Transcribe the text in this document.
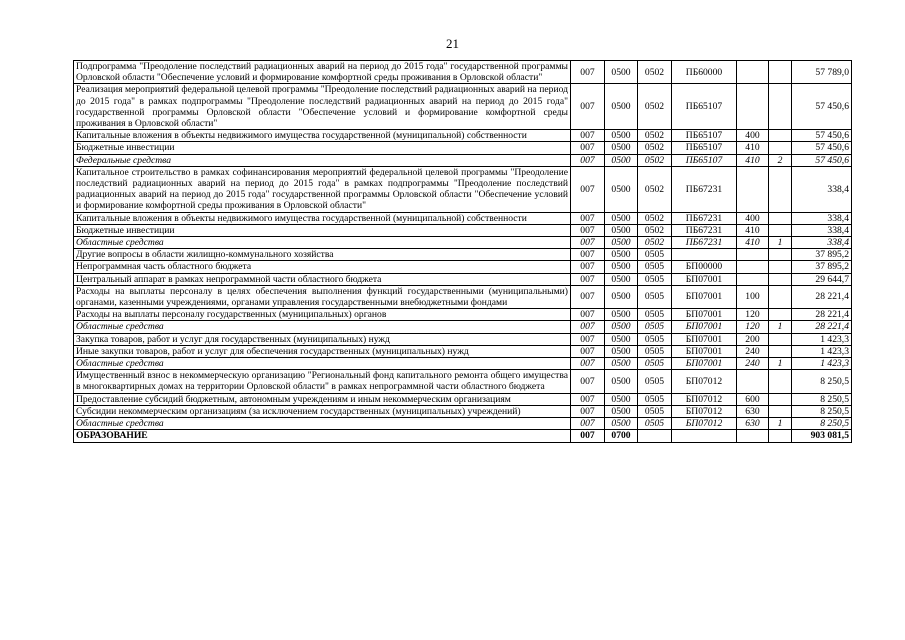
21
Подпрограмма "Преодоление последствий радиационных аварий на период до 2015 года" государственной программы Орловской области "Обеспечение условий и формирование комфортной среды проживания в Орловской области"	007	0500	0502	ПБ60000			57 789,0
Реализация мероприятий федеральной целевой программы "Преодоление последствий радиационных аварий на период до 2015 года" в рамках подпрограммы "Преодоление последствий радиационных аварий на период до 2015 года" государственной программы Орловской области "Обеспечение условий и формирование комфортной среды проживания в Орловской области"	007	0500	0502	ПБ65107			57 450,6
Капитальные вложения в объекты недвижимого имущества государственной (муниципальной) собственности	007	0500	0502	ПБ65107	400		57 450,6
Бюджетные инвестиции	007	0500	0502	ПБ65107	410		57 450,6
Федеральные средства	007	0500	0502	ПБ65107	410	2	57 450,6
Капитальное строительство в рамках софинансирования мероприятий федеральной целевой программы "Преодоление последствий радиационных аварий на период до 2015 года" в рамках подпрограммы "Преодоление последствий радиационных аварий на период до 2015 года" государственной программы Орловской области "Обеспечение условий и формирование комфортной среды проживания в Орловской области"	007	0500	0502	ПБ67231			338,4
Капитальные вложения в объекты недвижимого имущества государственной (муниципальной) собственности	007	0500	0502	ПБ67231	400		338,4
Бюджетные инвестиции	007	0500	0502	ПБ67231	410		338,4
Областные средства	007	0500	0502	ПБ67231	410	1	338,4
Другие вопросы в области жилищно-коммунального хозяйства	007	0500	0505				37 895,2
Непрограммная часть областного бюджета	007	0500	0505	БП00000			37 895,2
Центральный аппарат в рамках непрограммной части областного бюджета	007	0500	0505	БП07001			29 644,7
Расходы на выплаты персоналу в целях обеспечения выполнения функций государственными (муниципальными) органами, казенными учреждениями, органами управления государственными внебюджетными фондами	007	0500	0505	БП07001	100		28 221,4
Расходы на выплаты персоналу государственных (муниципальных) органов	007	0500	0505	БП07001	120		28 221,4
Областные средства	007	0500	0505	БП07001	120	1	28 221,4
Закупка товаров, работ и услуг для государственных (муниципальных) нужд	007	0500	0505	БП07001	200		1 423,3
Иные закупки товаров, работ и услуг для обеспечения государственных (муниципальных) нужд	007	0500	0505	БП07001	240		1 423,3
Областные средства	007	0500	0505	БП07001	240	1	1 423,3
Имущественный взнос в некоммерческую организацию "Региональный фонд капитального ремонта общего имущества в многоквартирных домах на территории Орловской области" в рамках непрограммной части областного бюджета	007	0500	0505	БП07012			8 250,5
Предоставление субсидий бюджетным, автономным учреждениям и иным некоммерческим организациям	007	0500	0505	БП07012	600		8 250,5
Субсидии некоммерческим организациям (за исключением государственных (муниципальных) учреждений)	007	0500	0505	БП07012	630		8 250,5
Областные средства	007	0500	0505	БП07012	630	1	8 250,5
ОБРАЗОВАНИЕ	007	0700					903 081,5
